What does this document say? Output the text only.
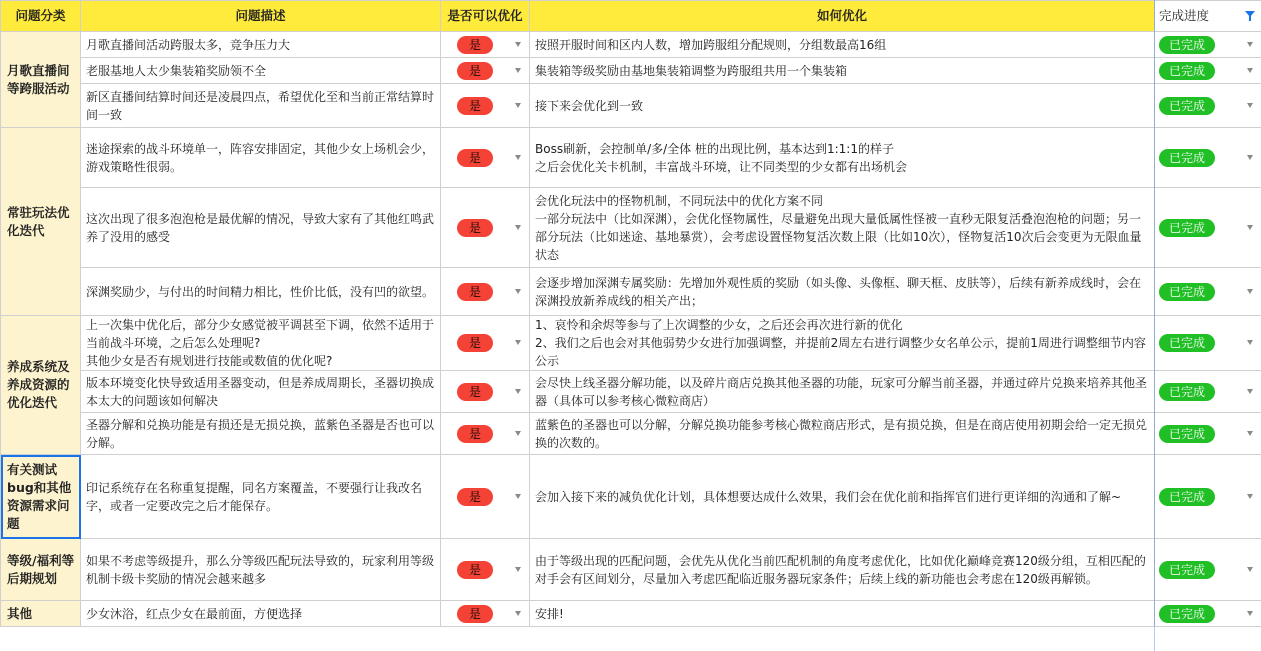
问题分类	问题描述	是否可以优化	如何优化	完成进度

月歌直播间等跨服活动	月歌直播间活动跨服太多，竞争压力大	是	按照开服时间和区内人数，增加跨服组分配规则，分组数最高16组	已完成

	老服基地人太少集装箱奖励领不全	是	集装箱等级奖励由基地集装箱调整为跨服组共用一个集装箱	已完成

	新区直播间结算时间还是凌晨四点，希望优化至和当前正常结算时间一致	是	接下来会优化到一致	已完成

常驻玩法优化迭代	迷途探索的战斗环境单一，阵容安排固定，其他少女上场机会少，游戏策略性很弱。	是	Boss刷新，会控制单/多/全体 桩的出现比例，基本达到1:1:1的样子
之后会优化关卡机制，丰富战斗环境，让不同类型的少女都有出场机会	已完成

	这次出现了很多泡泡枪是最优解的情况，导致大家有了其他红鸣武养了没用的感受	是	会优化玩法中的怪物机制，不同玩法中的优化方案不同
一部分玩法中（比如深渊），会优化怪物属性，尽量避免出现大量低属性怪被一直秒无限复活叠泡泡枪的问题；另一部分玩法（比如迷途、基地暴赏），会考虑设置怪物复活次数上限（比如10次），怪物复活10次后会变更为无限血量状态	已完成

	深渊奖励少，与付出的时间精力相比，性价比低，没有凹的欲望。	是	会逐步增加深渊专属奖励：先增加外观性质的奖励（如头像、头像框、聊天框、皮肤等），后续有新养成线时，会在深渊投放新养成线的相关产出；	已完成

养成系统及养成资源的优化迭代	上一次集中优化后，部分少女感觉被平调甚至下调，依然不适用于当前战斗环境，之后怎么处理呢?
其他少女是否有规划进行技能或数值的优化呢?	是	1、哀怜和余烬等参与了上次调整的少女，之后还会再次进行新的优化
2、我们之后也会对其他弱势少女进行加强调整，并提前2周左右进行调整少女名单公示，提前1周进行调整细节内容公示	已完成

	版本环境变化快导致适用圣器变动，但是养成周期长，圣器切换成本太大的问题该如何解决	是	会尽快上线圣器分解功能，以及碎片商店兑换其他圣器的功能，玩家可分解当前圣器，并通过碎片兑换来培养其他圣器（具体可以参考核心微粒商店）	已完成

	圣器分解和兑换功能是有损还是无损兑换，蓝紫色圣器是否也可以分解。	是	蓝紫色的圣器也可以分解，分解兑换功能参考核心微粒商店形式，是有损兑换，但是在商店使用初期会给一定无损兑换的次数的。	已完成

有关测试bug和其他资源需求问题	印记系统存在名称重复提醒，同名方案覆盖，不要强行让我改名字，或者一定要改完之后才能保存。	是	会加入接下来的减负优化计划，具体想要达成什么效果，我们会在优化前和指挥官们进行更详细的沟通和了解~	已完成

等级/福利等后期规划	如果不考虑等级提升，那么分等级匹配玩法导致的，玩家利用等级机制卡级卡奖励的情况会越来越多	是	由于等级出现的匹配问题，会优先从优化当前匹配机制的角度考虑优化，比如优化巅峰竞赛120级分组，互相匹配的对手会有区间划分，尽量加入考虑匹配临近服务器玩家条件；后续上线的新功能也会考虑在120级再解锁。	已完成

其他	少女沐浴，红点少女在最前面，方便选择	是	安排!	已完成
